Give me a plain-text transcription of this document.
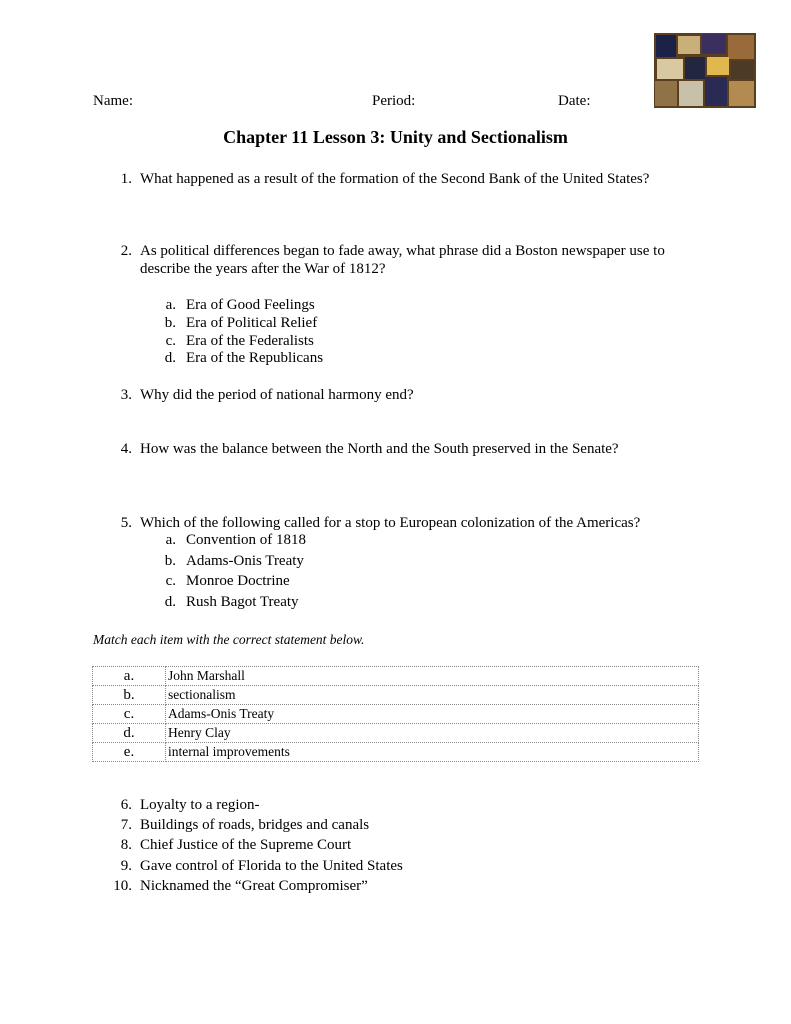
Name:	Period:	Date:
Chapter 11 Lesson 3: Unity and Sectionalism
1. What happened as a result of the formation of the Second Bank of the United States?
2. As political differences began to fade away, what phrase did a Boston newspaper use to
describe the years after the War of 1812?
a. Era of Good Feelings
b. Era of Political Relief
c. Era of the Federalists
d. Era of the Republicans
3. Why did the period of national harmony end?
4. How was the balance between the North and the South preserved in the Senate?
5. Which of the following called for a stop to European colonization of the Americas?
a. Convention of 1818
b. Adams-Onis Treaty
c. Monroe Doctrine
d. Rush Bagot Treaty
Match each item with the correct statement below.
a.	John Marshall
b.	sectionalism
c.	Adams-Onis Treaty
d.	Henry Clay
e.	internal improvements
6. Loyalty to a region-
7. Buildings of roads, bridges and canals
8. Chief Justice of the Supreme Court
9. Gave control of Florida to the United States
10. Nicknamed the “Great Compromiser”
